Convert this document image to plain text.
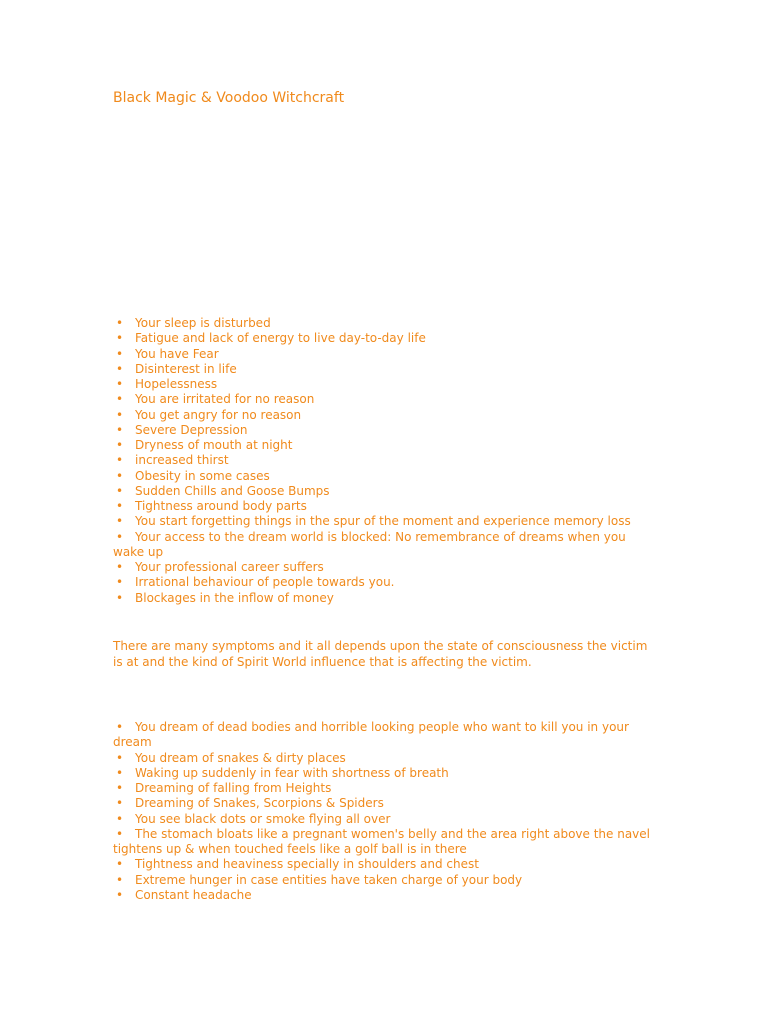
Black Magic & Voodoo Witchcraft
• Your sleep is disturbed
• Fatigue and lack of energy to live day-to-day life
• You have Fear
• Disinterest in life
• Hopelessness
• You are irritated for no reason
• You get angry for no reason
• Severe Depression
• Dryness of mouth at night
• increased thirst
• Obesity in some cases
• Sudden Chills and Goose Bumps
• Tightness around body parts
• You start forgetting things in the spur of the moment and experience memory loss
• Your access to the dream world is blocked: No remembrance of dreams when you wake up
• Your professional career suffers
• Irrational behaviour of people towards you.
• Blockages in the inflow of money

There are many symptoms and it all depends upon the state of consciousness the victim is at and the kind of Spirit World influence that is affecting the victim.

• You dream of dead bodies and horrible looking people who want to kill you in your dream
• You dream of snakes & dirty places
• Waking up suddenly in fear with shortness of breath
• Dreaming of falling from Heights
• Dreaming of Snakes, Scorpions & Spiders
• You see black dots or smoke flying all over
• The stomach bloats like a pregnant women's belly and the area right above the navel tightens up & when touched feels like a golf ball is in there
• Tightness and heaviness specially in shoulders and chest
• Extreme hunger in case entities have taken charge of your body
• Constant headache
